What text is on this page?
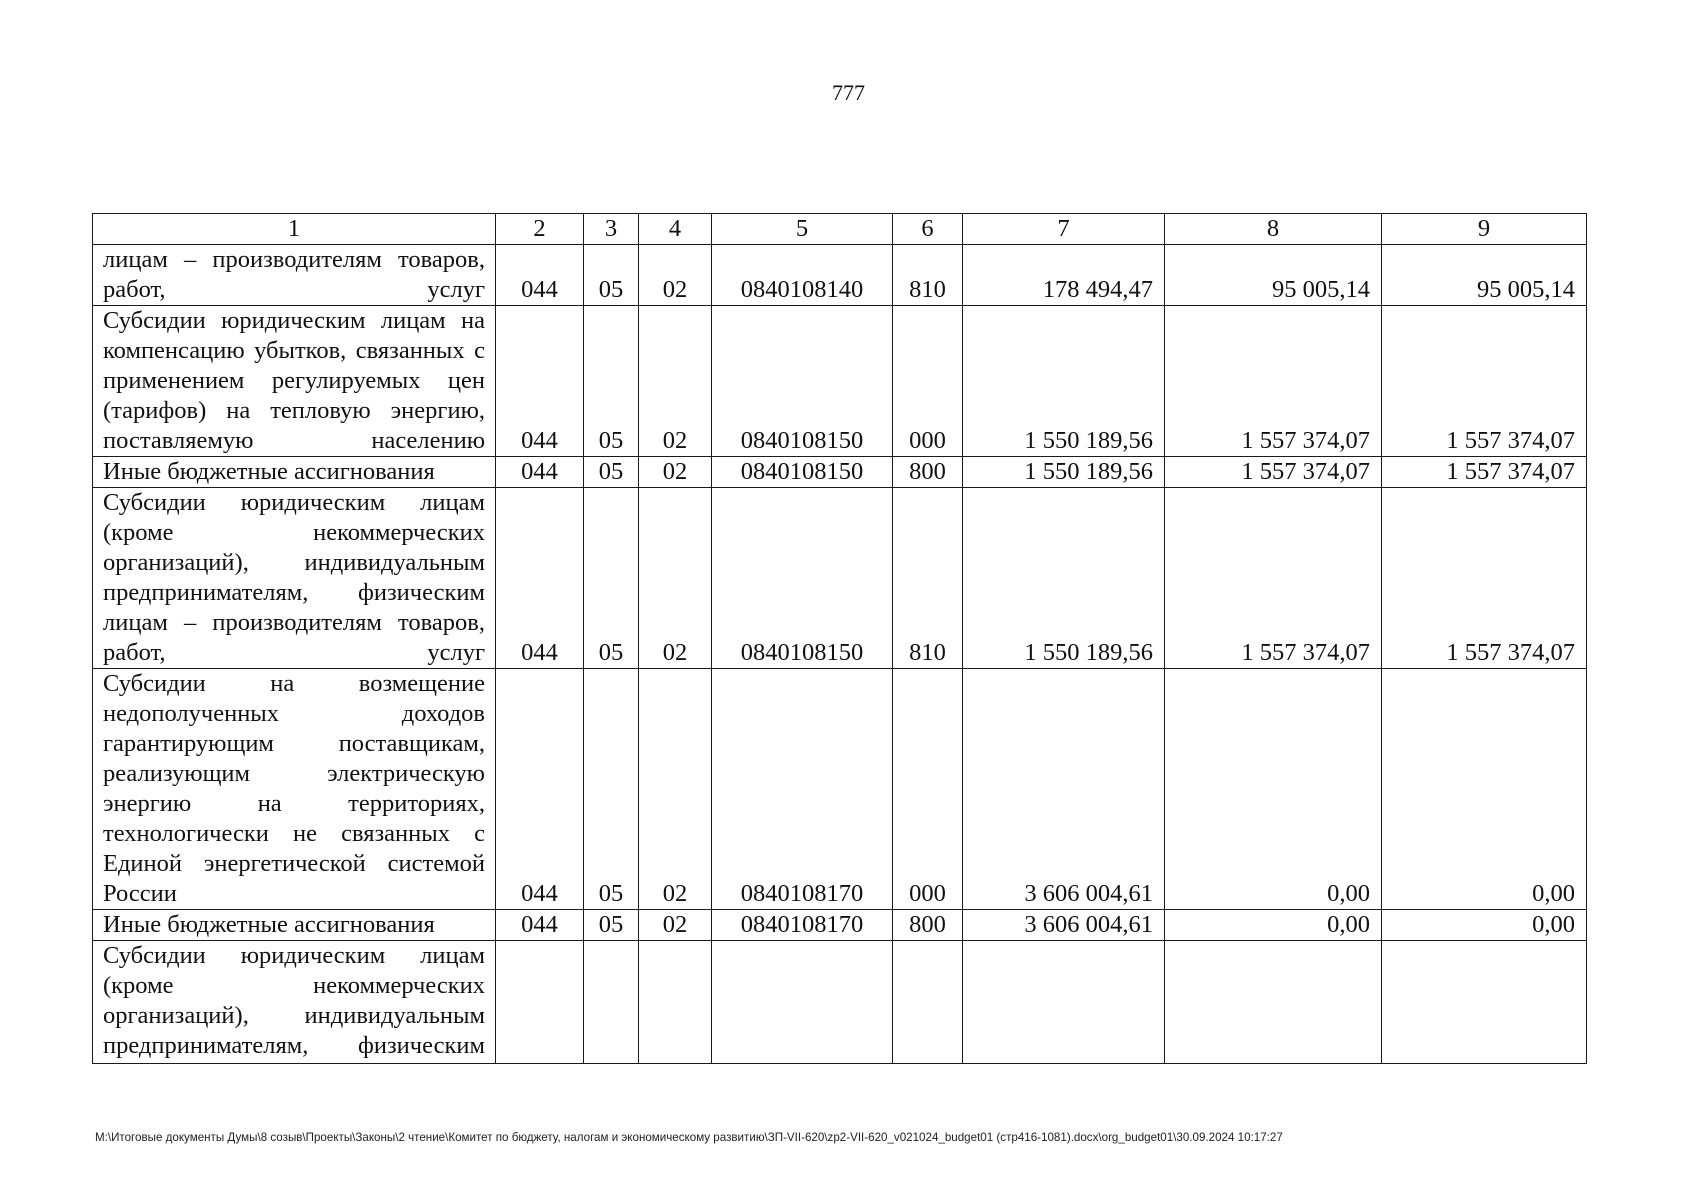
777
1	2	3	4	5	6	7	8	9
лицам – производителям товаров, работ, услуг	044	05	02	0840108140	810	178 494,47	95 005,14	95 005,14
Субсидии юридическим лицам на компенсацию убытков, связанных с применением регулируемых цен (тарифов) на тепловую энергию, поставляемую населению	044	05	02	0840108150	000	1 550 189,56	1 557 374,07	1 557 374,07
Иные бюджетные ассигнования	044	05	02	0840108150	800	1 550 189,56	1 557 374,07	1 557 374,07
Субсидии юридическим лицам (кроме некоммерческих организаций), индивидуальным предпринимателям, физическим лицам – производителям товаров, работ, услуг	044	05	02	0840108150	810	1 550 189,56	1 557 374,07	1 557 374,07
Субсидии на возмещение недополученных доходов гарантирующим поставщикам, реализующим электрическую энергию на территориях, технологически не связанных с Единой энергетической системой России	044	05	02	0840108170	000	3 606 004,61	0,00	0,00
Иные бюджетные ассигнования	044	05	02	0840108170	800	3 606 004,61	0,00	0,00
Субсидии юридическим лицам (кроме некоммерческих организаций), индивидуальным предпринимателям, физическим								
M:\Итоговые документы Думы\8 созыв\Проекты\Законы\2 чтение\Комитет по бюджету, налогам и экономическому развитию\ЗП-VII-620\zp2-VII-620_v021024_budget01 (стр416-1081).docx\org_budget01\30.09.2024 10:17:27
